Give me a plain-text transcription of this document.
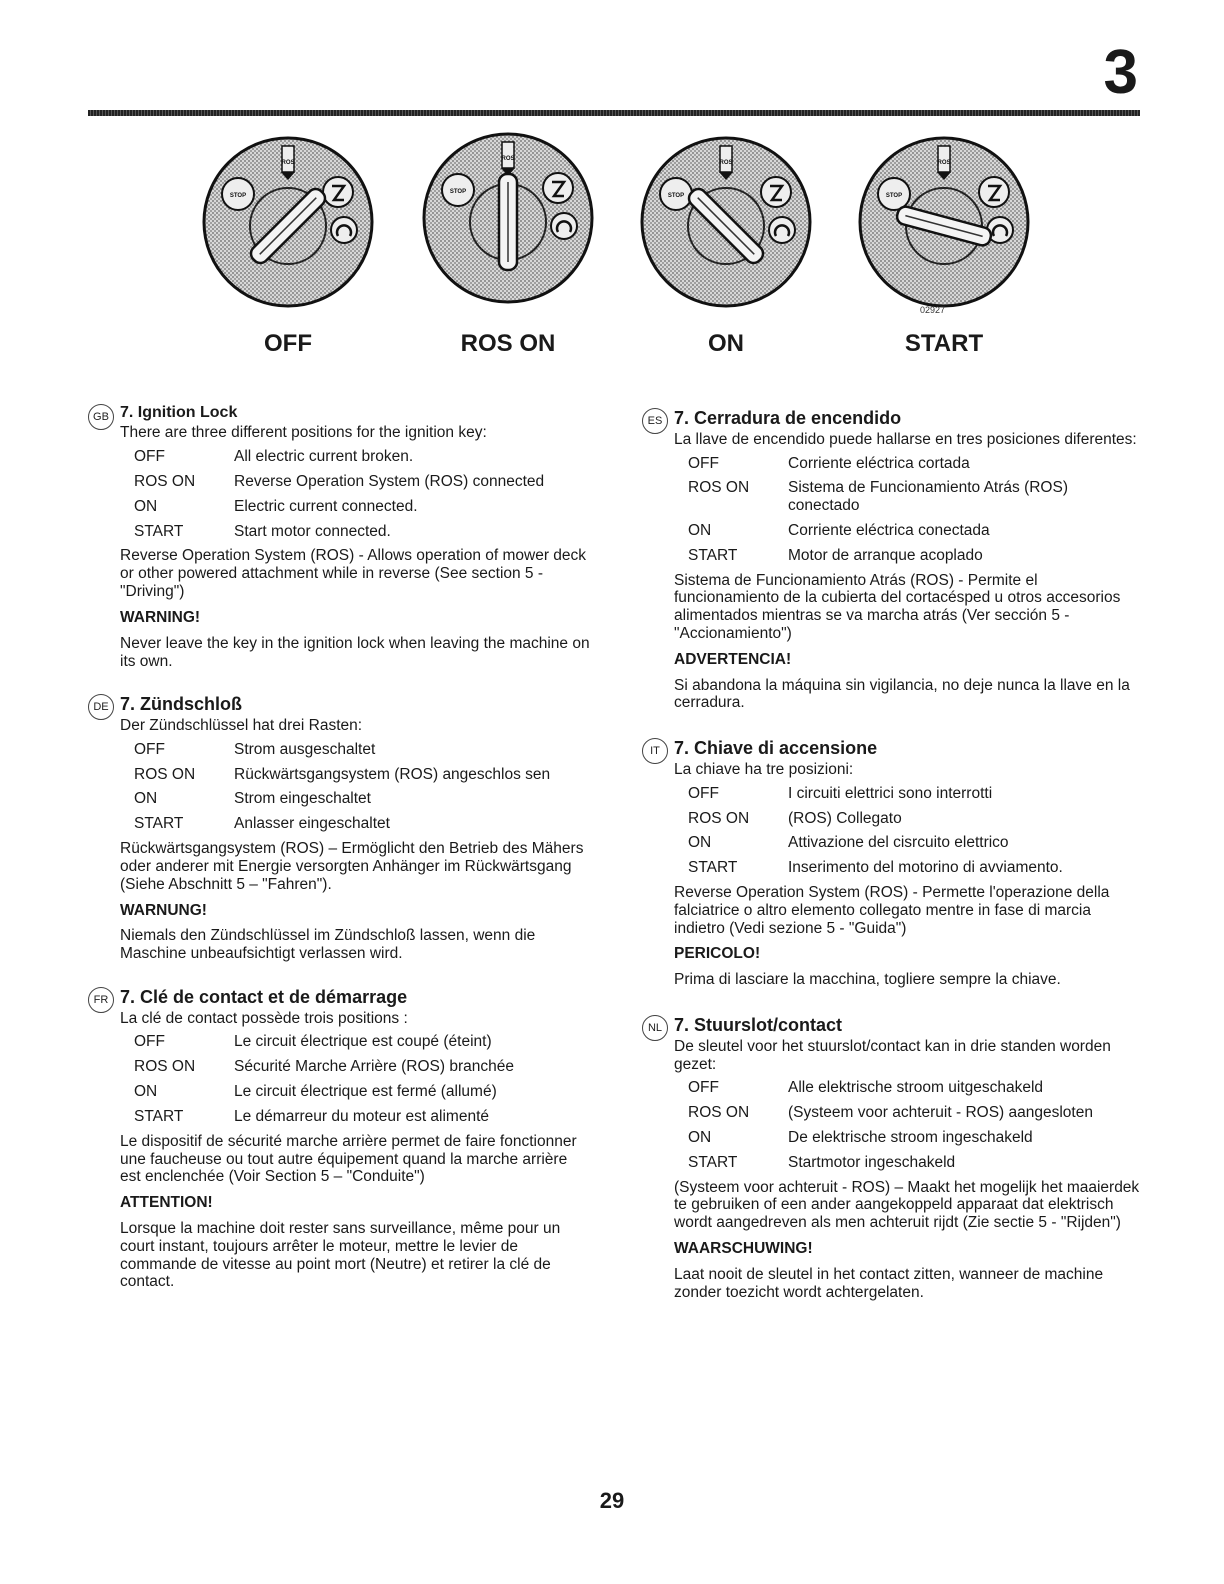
3
STOP
ROS
STOP
ROS
STOP
ROS
STOP
ROS
02927
OFF	ROS ON	ON	START
GB 7. Ignition Lock

There are three different positions for the ignition key:

OFF	All electric current broken.
ROS ON	Reverse Operation System (ROS) connected
ON	Electric current connected.
START	Start motor connected.

Reverse Operation System (ROS) - Allows operation of mower deck or other powered attachment while in reverse (See section 5 - "Driving")

WARNING!

Never leave the key in the ignition lock when leaving the machine on its own.

DE 7. Zündschloß

Der Zündschlüssel hat drei Rasten:

OFF	Strom ausgeschaltet
ROS ON	Rückwärtsgangsystem (ROS) angeschlos sen
ON	Strom eingeschaltet
START	Anlasser eingeschaltet

Rückwärtsgangsystem (ROS) – Ermöglicht den Betrieb des Mähers oder anderer mit Energie versorgten Anhänger im Rückwärtsgang (Siehe Abschnitt 5 – "Fahren").

WARNUNG!

Niemals den Zündschlüssel im Zündschloß lassen, wenn die Maschine unbeaufsichtigt verlassen wird.

FR 7. Clé de contact et de démarrage

La clé de contact possède trois positions :

OFF	Le circuit électrique est coupé (éteint)
ROS ON	Sécurité Marche Arrière (ROS) branchée
ON	Le circuit électrique est fermé (allumé)
START	Le démarreur du moteur est alimenté

Le dispositif de sécurité marche arrière permet de faire fonctionner une faucheuse ou tout autre équipement quand la marche arrière est enclenchée (Voir Section 5 – "Conduite")

ATTENTION!

Lorsque la machine doit rester sans surveillance, même pour un court instant, toujours arrêter le moteur, mettre le levier de commande de vitesse au point mort (Neutre) et retirer la clé de contact.

ES 7. Cerradura de encendido

La llave de encendido puede hallarse en tres posiciones diferentes:

OFF	Corriente eléctrica cortada
ROS ON	Sistema de Funcionamiento Atrás (ROS) conectado
ON	Corriente eléctrica conectada
START	Motor de arranque acoplado

Sistema de Funcionamiento Atrás (ROS) - Permite el funcionamiento de la cubierta del cortacésped u otros accesorios alimentados mientras se va marcha atrás (Ver sección 5 - "Accionamiento")

ADVERTENCIA!

Si abandona la máquina sin vigilancia, no deje nunca la llave en la cerradura.

IT 7. Chiave di accensione

La chiave ha tre posizioni:

OFF	I circuiti elettrici sono interrotti
ROS ON	(ROS) Collegato
ON	Attivazione del cisrcuito elettrico
START	Inserimento del motorino di avviamento.

Reverse Operation System (ROS) - Permette l'operazione della falciatrice o altro elemento collegato mentre in fase di marcia indietro (Vedi sezione 5 - "Guida")

PERICOLO!

Prima di lasciare la macchina, togliere sempre la chiave.

NL 7. Stuurslot/contact

De sleutel voor het stuurslot/contact kan in drie standen worden gezet:

OFF	Alle elektrische stroom uitgeschakeld
ROS ON	(Systeem voor achteruit - ROS) aangesloten
ON	De elektrische stroom ingeschakeld
START	Startmotor ingeschakeld

(Systeem voor achteruit - ROS) – Maakt het mogelijk het maaierdek te gebruiken of een ander aangekoppeld apparaat dat elektrisch wordt aangedreven als men achteruit rijdt (Zie sectie 5 - "Rijden")

WAARSCHUWING!

Laat nooit de sleutel in het contact zitten, wanneer de machine zonder toezicht wordt achtergelaten.

29
